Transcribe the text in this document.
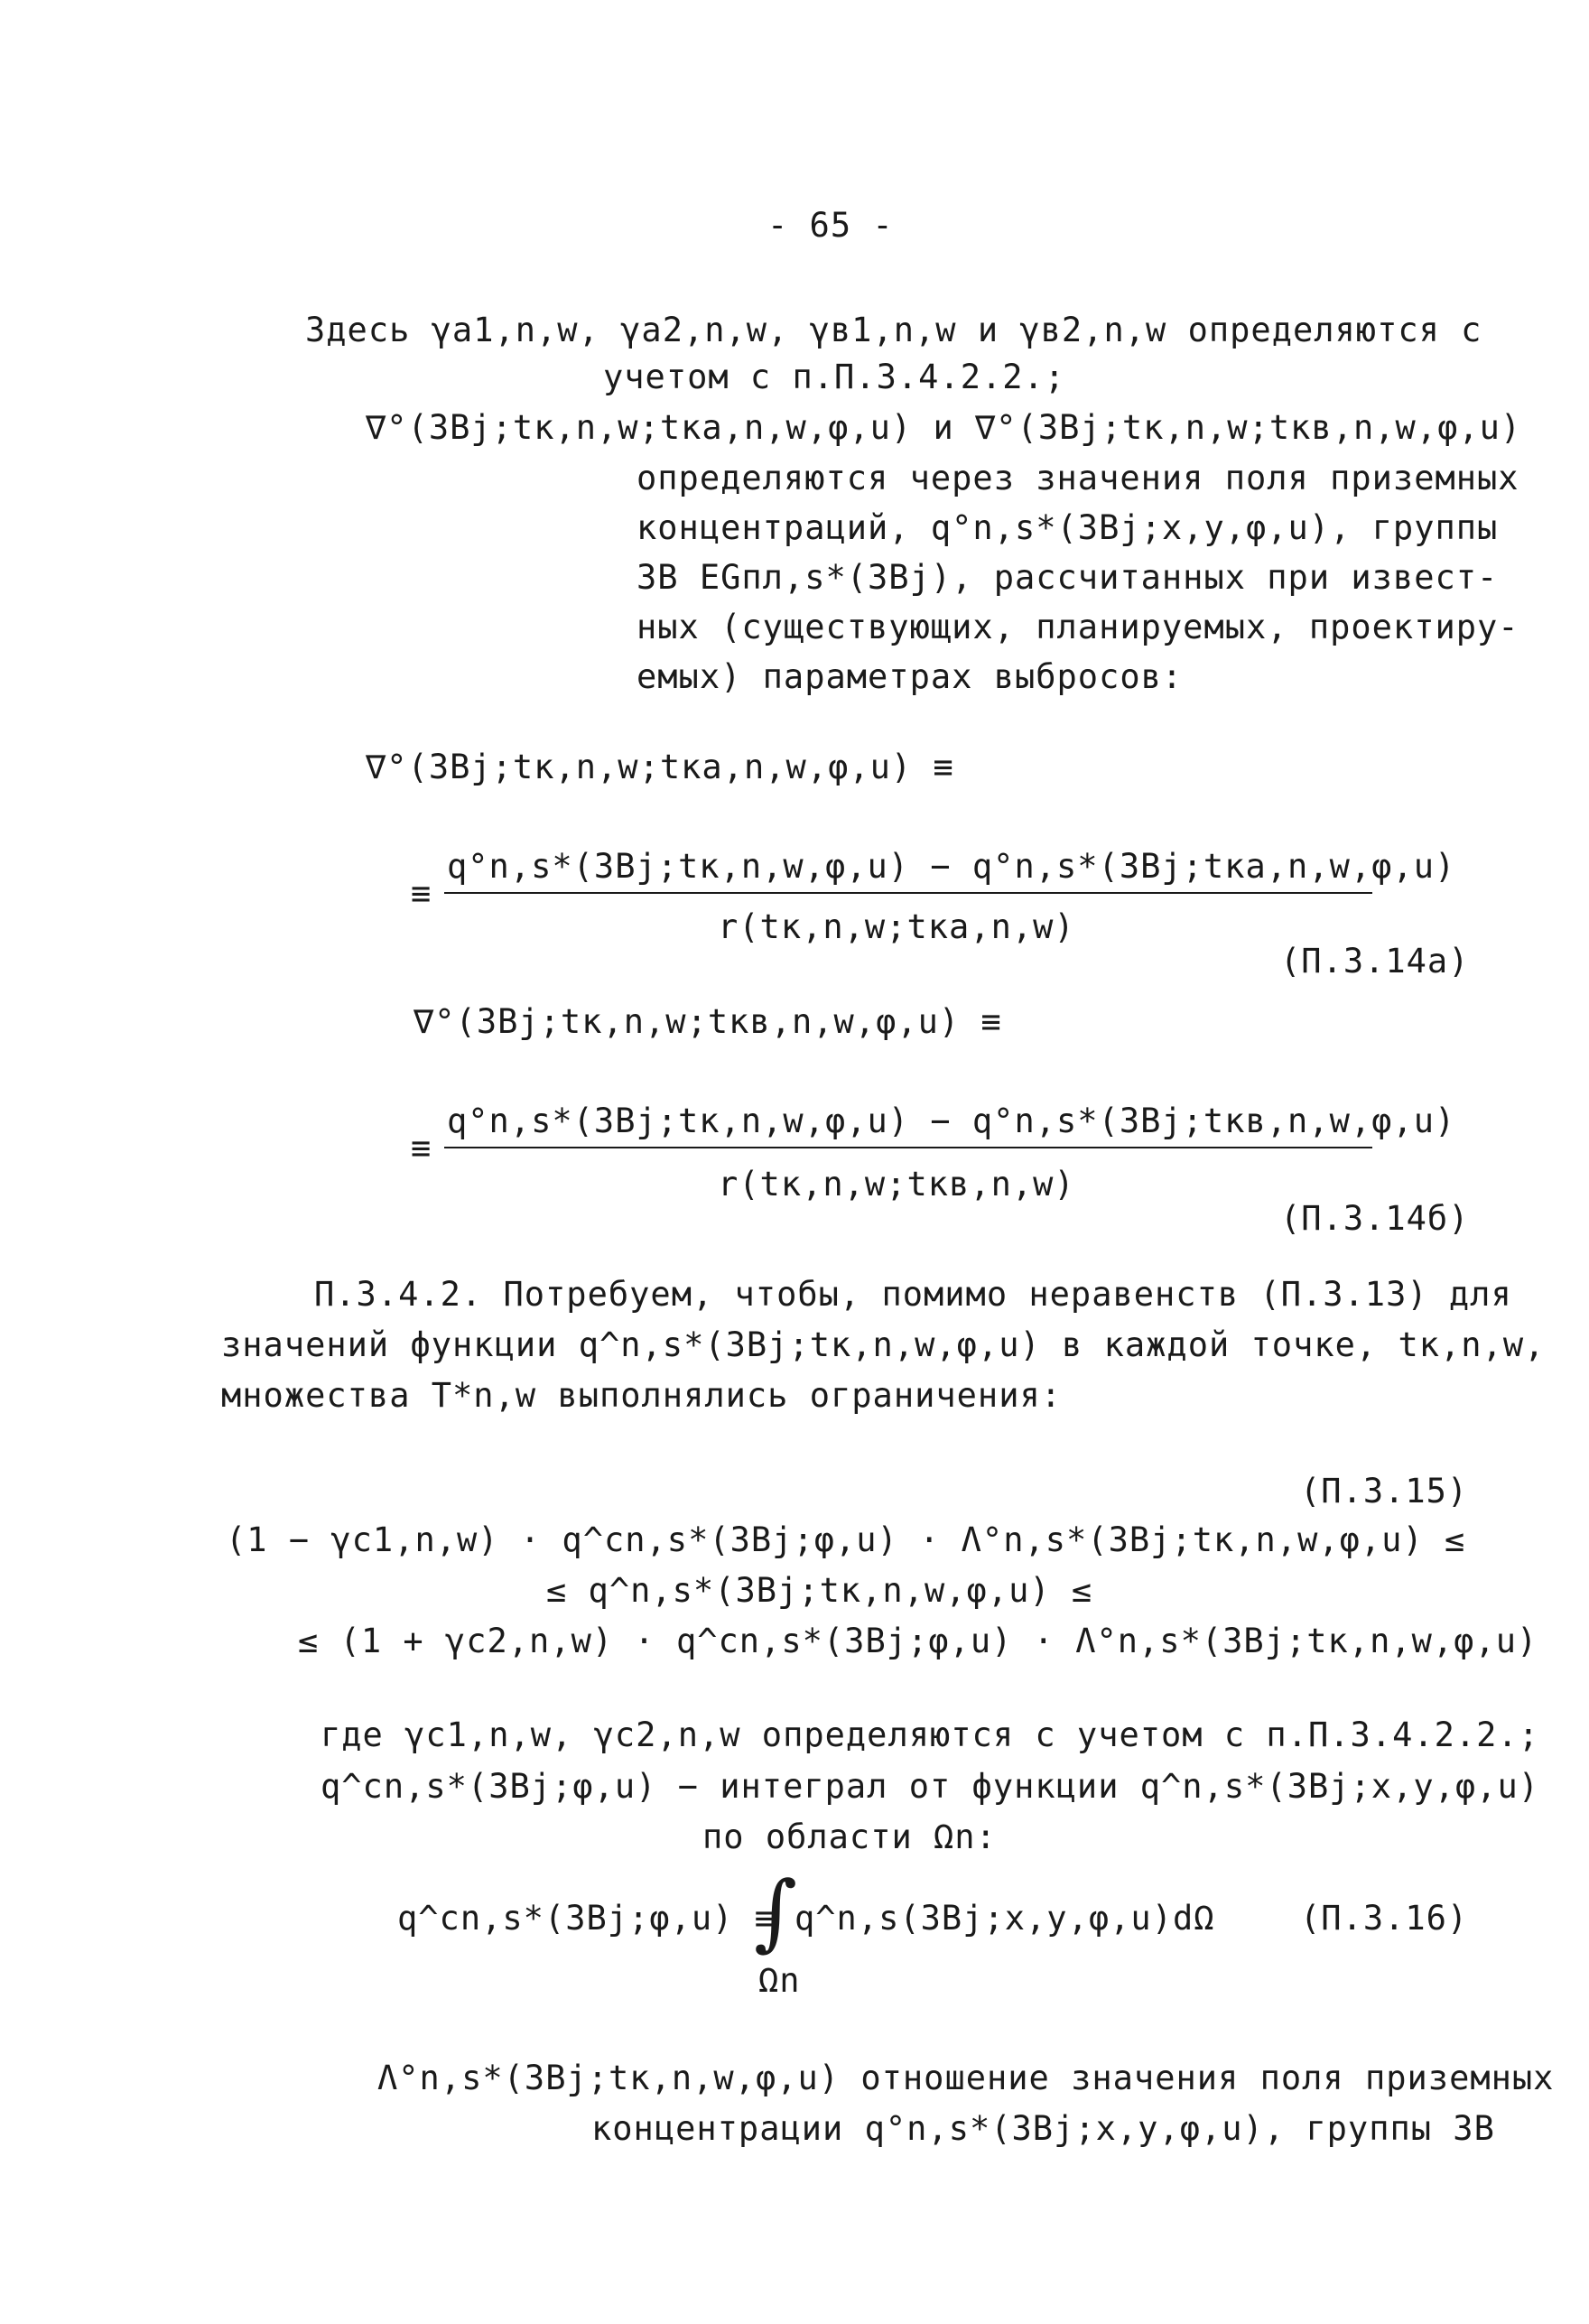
- 65 -
Здесь γa1,n,w, γa2,n,w, γв1,n,w и γв2,n,w определяются с
учетом с п.П.3.4.2.2.;
∇°(ЗВj;tк,n,w;tкa,n,w,φ,u) и ∇°(ЗВj;tк,n,w;tкв,n,w,φ,u)
определяются через значения поля приземных
концентраций, q°n,s*(ЗВj;x,y,φ,u), группы
ЗВ EGпл,s*(ЗВj), рассчитанных при извест-
ных (существующих, планируемых, проектиру-
емых) параметрах выбросов:
∇°(ЗВj;tк,n,w;tкa,n,w,φ,u) ≡
≡
q°n,s*(ЗВj;tк,n,w,φ,u) − q°n,s*(ЗВj;tкa,n,w,φ,u)
r(tк,n,w;tкa,n,w)
(П.3.14а)
∇°(ЗВj;tк,n,w;tкв,n,w,φ,u) ≡
≡
q°n,s*(ЗВj;tк,n,w,φ,u) − q°n,s*(ЗВj;tкв,n,w,φ,u)
r(tк,n,w;tкв,n,w)
(П.3.14б)
П.3.4.2. Потребуем, чтобы, помимо неравенств (П.3.13) для
значений функции q^n,s*(ЗВj;tк,n,w,φ,u) в каждой точке, tк,n,w,
множества T*n,w выполнялись ограничения:
(П.3.15)
(1 − γc1,n,w) · q^cn,s*(ЗВj;φ,u) · Λ°n,s*(ЗВj;tк,n,w,φ,u) ≤
≤ q^n,s*(ЗВj;tк,n,w,φ,u) ≤
≤ (1 + γc2,n,w) · q^cn,s*(ЗВj;φ,u) · Λ°n,s*(ЗВj;tк,n,w,φ,u)
где γc1,n,w, γc2,n,w определяются с учетом с п.П.3.4.2.2.;
q^cn,s*(ЗВj;φ,u) − интеграл от функции q^n,s*(ЗВj;x,y,φ,u)
по области Ωn:
q^cn,s*(ЗВj;φ,u) ≡
∫
q^n,s(ЗВj;x,y,φ,u)dΩ
Ωn
(П.3.16)
Λ°n,s*(ЗВj;tк,n,w,φ,u) отношение значения поля приземных
концентрации q°n,s*(ЗВj;x,y,φ,u), группы ЗВ
